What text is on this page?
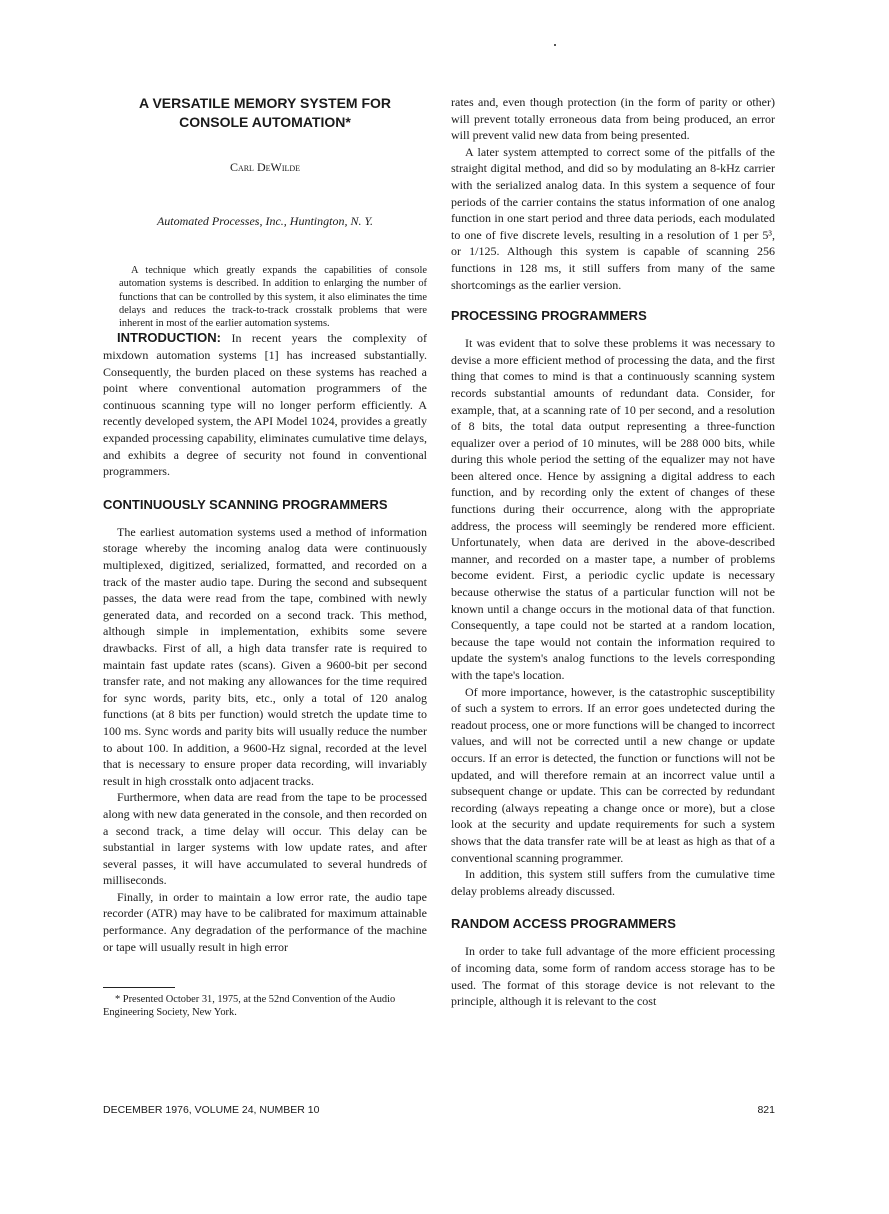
A VERSATILE MEMORY SYSTEM FOR CONSOLE AUTOMATION*
Carl DeWilde
Automated Processes, Inc., Huntington, N. Y.

A technique which greatly expands the capabilities of console automation systems is described. In addition to enlarging the number of functions that can be controlled by this system, it also eliminates the time delays and reduces the track-to-track crosstalk problems that were inherent in most of the earlier automation systems.

INTRODUCTION: In recent years the complexity of mixdown automation systems [1] has increased substantially. Consequently, the burden placed on these systems has reached a point where conventional automation programmers of the continuous scanning type will no longer perform efficiently. A recently developed system, the API Model 1024, provides a greatly expanded processing capability, eliminates cumulative time delays, and exhibits a degree of security not found in conventional programmers.

CONTINUOUSLY SCANNING PROGRAMMERS

The earliest automation systems used a method of information storage whereby the incoming analog data were continuously multiplexed, digitized, serialized, formatted, and recorded on a track of the master audio tape. During the second and subsequent passes, the data were read from the tape, combined with newly generated data, and recorded on a second track. This method, although simple in implementation, exhibits some severe drawbacks. First of all, a high data transfer rate is required to maintain fast update rates (scans). Given a 9600-bit per second transfer rate, and not making any allowances for the time required for sync words, parity bits, etc., only a total of 120 analog functions (at 8 bits per function) would stretch the update time to 100 ms. Sync words and parity bits will usually reduce the number to about 100. In addition, a 9600-Hz signal, recorded at the level that is necessary to ensure proper data recording, will invariably result in high crosstalk onto adjacent tracks.

Furthermore, when data are read from the tape to be processed along with new data generated in the console, and then recorded on a second track, a time delay will occur. This delay can be substantial in larger systems with low update rates, and after several passes, it will have accumulated to several hundreds of milliseconds.

Finally, in order to maintain a low error rate, the audio tape recorder (ATR) may have to be calibrated for maximum attainable performance. Any degradation of the performance of the machine or tape will usually result in high error

* Presented October 31, 1975, at the 52nd Convention of the Audio Engineering Society, New York.

rates and, even though protection (in the form of parity or other) will prevent totally erroneous data from being produced, an error will prevent valid new data from being presented.

A later system attempted to correct some of the pitfalls of the straight digital method, and did so by modulating an 8-kHz carrier with the serialized analog data. In this system a sequence of four periods of the carrier contains the status information of one analog function in one start period and three data periods, each modulated to one of five discrete levels, resulting in a resolution of 1 per 5³, or 1/125. Although this system is capable of scanning 256 functions in 128 ms, it still suffers from many of the same shortcomings as the earlier version.

PROCESSING PROGRAMMERS

It was evident that to solve these problems it was necessary to devise a more efficient method of processing the data, and the first thing that comes to mind is that a continuously scanning system records substantial amounts of redundant data. Consider, for example, that, at a scanning rate of 10 per second, and a resolution of 8 bits, the total data output representing a three-function equalizer over a period of 10 minutes, will be 288 000 bits, while during this whole period the setting of the equalizer may not have been altered once. Hence by assigning a digital address to each function, and by recording only the extent of changes of these functions during their occurrence, along with the appropriate address, the process will seemingly be rendered more efficient. Unfortunately, when data are derived in the above-described manner, and recorded on a master tape, a number of problems become evident. First, a periodic cyclic update is necessary because otherwise the status of a particular function will not be known until a change occurs in the motional data of that function. Consequently, a tape could not be started at a random location, because the tape would not contain the information required to update the system's analog functions to the levels corresponding with the tape's location.

Of more importance, however, is the catastrophic susceptibility of such a system to errors. If an error goes undetected during the readout process, one or more functions will be changed to incorrect values, and will not be corrected until a new change or update occurs. If an error is detected, the function or functions will not be updated, and will therefore remain at an incorrect value until a subsequent change or update. This can be corrected by redundant recording (always repeating a change once or more), but a close look at the security and update requirements for such a system shows that the data transfer rate will be at least as high as that of a conventional scanning programmer.

In addition, this system still suffers from the cumulative time delay problems already discussed.

RANDOM ACCESS PROGRAMMERS

In order to take full advantage of the more efficient processing of incoming data, some form of random access storage has to be used. The format of this storage device is not relevant to the principle, although it is relevant to the cost

DECEMBER 1976, VOLUME 24, NUMBER 10	821
